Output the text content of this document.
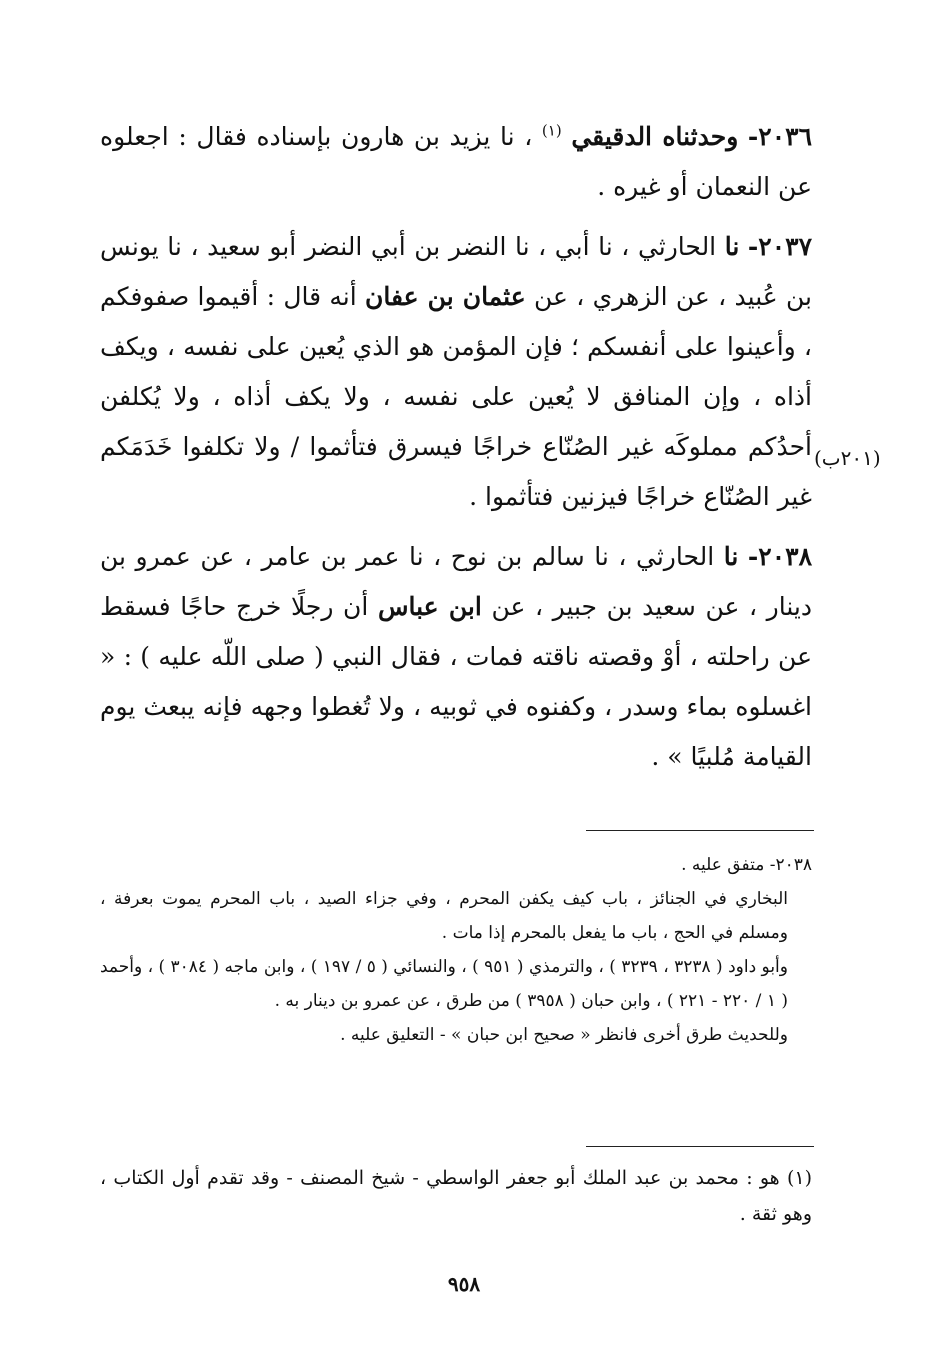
٢٠٣٦- وحدثناه الدقيقي $^{(١)}$ ، نا يزيد بن هارون بإسناده فقال : اجعلوه عن النعمان أو غيره .

٢٠٣٧- نا الحارثي ، نا أبي ، نا النضر بن أبي النضر أبو سعيد ، نا يونس بن عُبيد ، عن الزهري ، عن عثمان بن عفان أنه قال : أقيموا صفوفكم ، وأعينوا على أنفسكم ؛ فإن المؤمن هو الذي يُعين على نفسه ، ويكف أذاه ، وإن المنافق لا يُعين على نفسه ، ولا يكف أذاه ، ولا يُكلفن أحدُكم مملوكَه غير الصُنّاع خراجًا فيسرق فتأثموا / ولا تكلفوا خَدَمَكم غير الصُنّاع خراجًا فيزنين فتأثموا .

٢٠٣٨- نا الحارثي ، نا سالم بن نوح ، نا عمر بن عامر ، عن عمرو بن دينار ، عن سعيد بن جبير ، عن ابن عباس أن رجلًا خرج حاجًا فسقط عن راحلته ، أوْ وقصته ناقته فمات ، فقال النبي ( صلى اللّه عليه ) : « اغسلوه بماء وسدر ، وكفنوه في ثوبيه ، ولا تُغطوا وجهه فإنه يبعث يوم القيامة مُلبيًا » .

(٢٠١ب)

٢٠٣٨- متفق عليه .

البخاري في الجنائز ، باب كيف يكفن المحرم ، وفي جزاء الصيد ، باب المحرم يموت بعرفة ، ومسلم في الحج ، باب ما يفعل بالمحرم إذا مات .

وأبو داود ( ٣٢٣٨ ، ٣٢٣٩ ) ، والترمذي ( ٩٥١ ) ، والنسائي ( ٥ / ١٩٧ ) ، وابن ماجه ( ٣٠٨٤ ) ، وأحمد ( ١ / ٢٢٠ - ٢٢١ ) ، وابن حبان ( ٣٩٥٨ ) من طرق ، عن عمرو بن دينار به .

وللحديث طرق أخرى فانظر « صحيح ابن حبان » - التعليق عليه .

(١) هو : محمد بن عبد الملك أبو جعفر الواسطي - شيخ المصنف - وقد تقدم أول الكتاب ، وهو ثقة .

٩٥٨
